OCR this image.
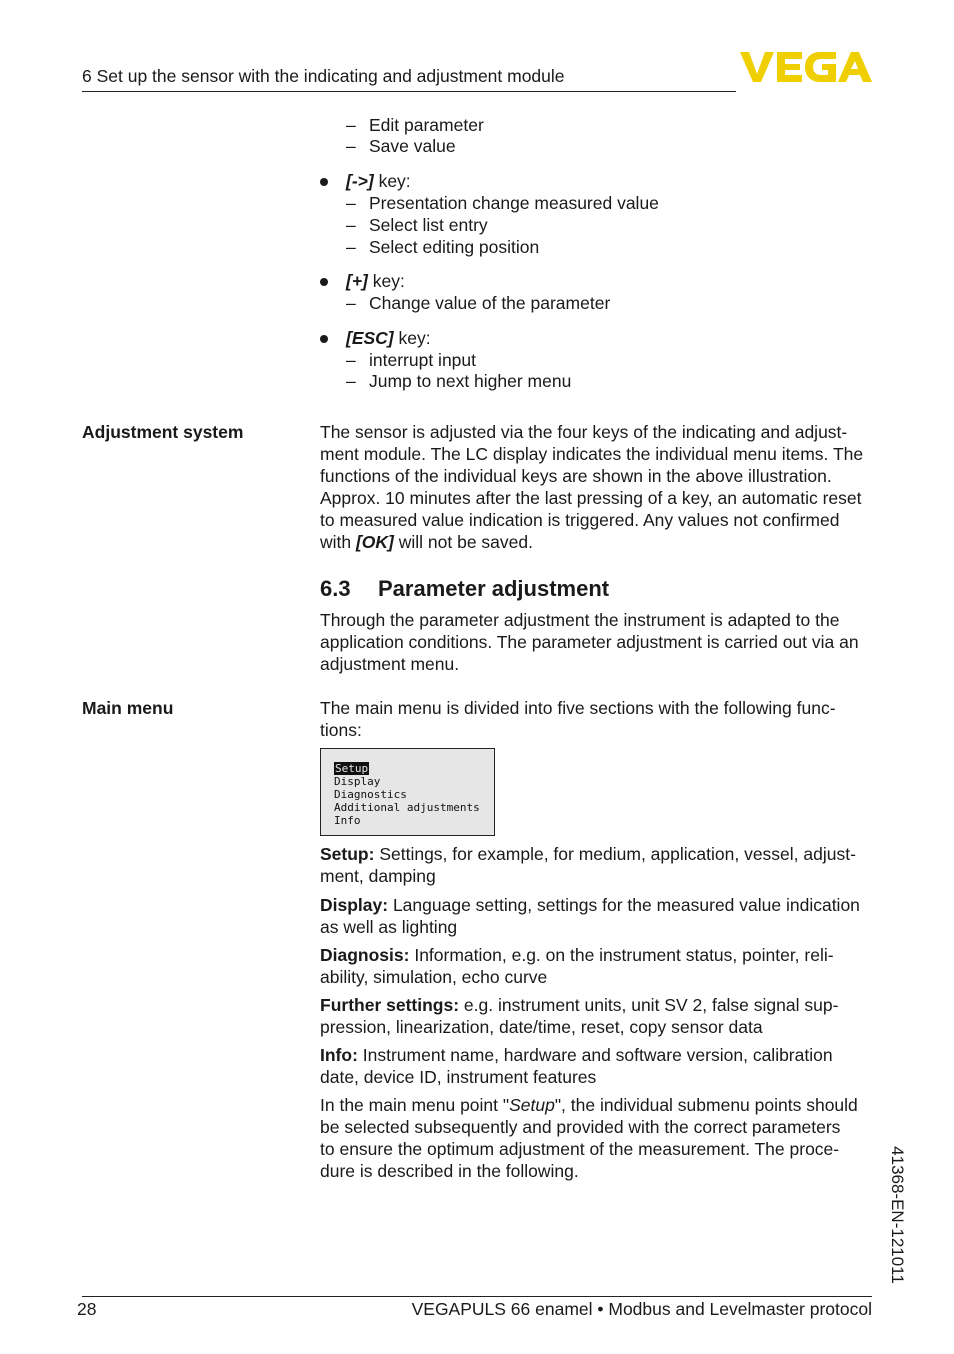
6 Set up the sensor with the indicating and adjustment module
– Edit parameter
– Save value
[->] key:
– Presentation change measured value
– Select list entry
– Select editing position
[+] key:
– Change value of the parameter
[ESC] key:
– interrupt input
– Jump to next higher menu
Adjustment system	The sensor is adjusted via the four keys of the indicating and adjust-
ment module. The LC display indicates the individual menu items. The
functions of the individual keys are shown in the above illustration.
Approx. 10 minutes after the last pressing of a key, an automatic reset
to measured value indication is triggered. Any values not confirmed
with [OK] will not be saved.
6.3 Parameter adjustment
Through the parameter adjustment the instrument is adapted to the
application conditions. The parameter adjustment is carried out via an
adjustment menu.
Main menu	The main menu is divided into five sections with the following func-
tions:
Setup
Display
Diagnostics
Additional adjustments
Info
Setup: Settings, for example, for medium, application, vessel, adjust-
ment, damping
Display: Language setting, settings for the measured value indication
as well as lighting
Diagnosis: Information, e.g. on the instrument status, pointer, reli-
ability, simulation, echo curve
Further settings: e.g. instrument units, unit SV 2, false signal sup-
pression, linearization, date/time, reset, copy sensor data
Info: Instrument name, hardware and software version, calibration
date, device ID, instrument features
In the main menu point "Setup", the individual submenu points should
be selected subsequently and provided with the correct parameters
to ensure the optimum adjustment of the measurement. The proce-
dure is described in the following.	41368-EN-121011
28	VEGAPULS 66 enamel • Modbus and Levelmaster protocol
